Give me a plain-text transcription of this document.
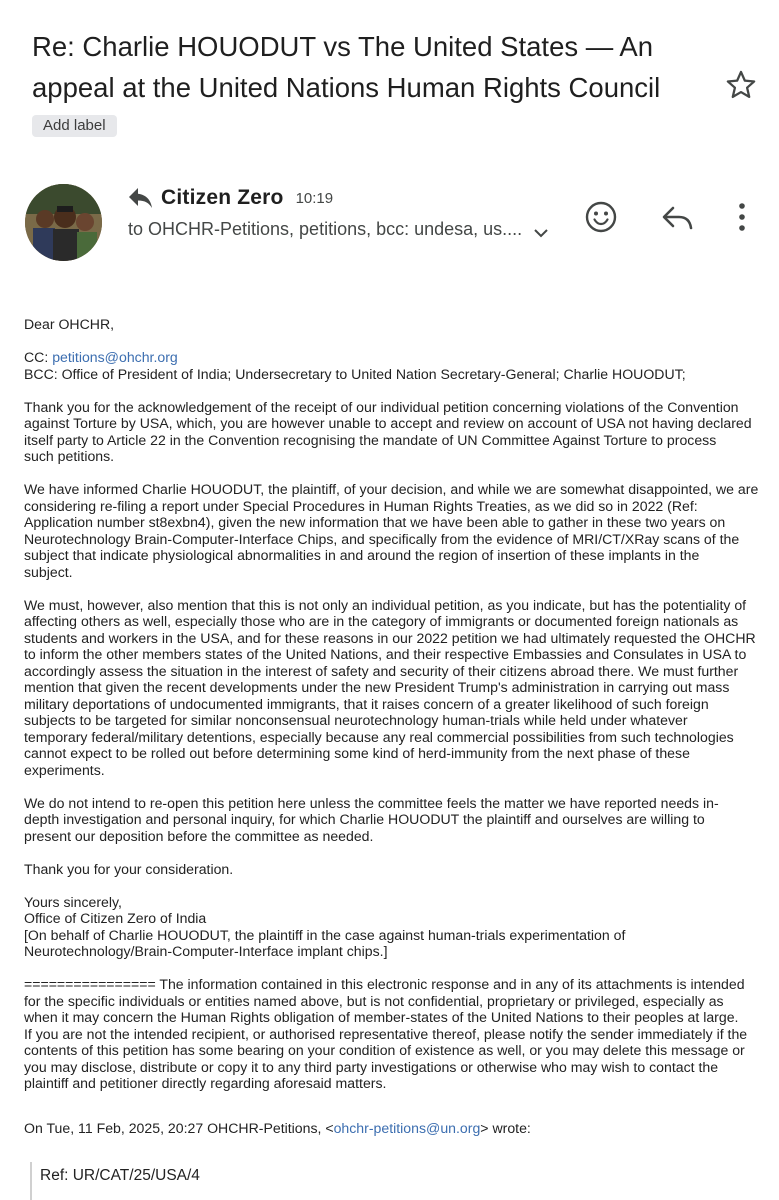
Re: Charlie HOUODUT vs The United States — An appeal at the United Nations Human Rights Council
Add label
Citizen Zero 10:19
to OHCHR-Petitions, petitions, bcc: undesa, us....

Dear OHCHR,

CC: petitions@ohchr.org
BCC: Office of President of India; Undersecretary to United Nation Secretary-General; Charlie HOUODUT;

Thank you for the acknowledgement of the receipt of our individual petition concerning violations of the Convention
against Torture by USA, which, you are however unable to accept and review on account of USA not having declared
itself party to Article 22 in the Convention recognising the mandate of UN Committee Against Torture to process
such petitions.

We have informed Charlie HOUODUT, the plaintiff, of your decision, and while we are somewhat disappointed, we are
considering re-filing a report under Special Procedures in Human Rights Treaties, as we did so in 2022 (Ref:
Application number st8exbn4), given the new information that we have been able to gather in these two years on
Neurotechnology Brain-Computer-Interface Chips, and specifically from the evidence of MRI/CT/XRay scans of the
subject that indicate physiological abnormalities in and around the region of insertion of these implants in the
subject.

We must, however, also mention that this is not only an individual petition, as you indicate, but has the potentiality of
affecting others as well, especially those who are in the category of immigrants or documented foreign nationals as
students and workers in the USA, and for these reasons in our 2022 petition we had ultimately requested the OHCHR
to inform the other members states of the United Nations, and their respective Embassies and Consulates in USA to
accordingly assess the situation in the interest of safety and security of their citizens abroad there. We must further
mention that given the recent developments under the new President Trump's administration in carrying out mass
military deportations of undocumented immigrants, that it raises concern of a greater likelihood of such foreign
subjects to be targeted for similar nonconsensual neurotechnology human-trials while held under whatever
temporary federal/military detentions, especially because any real commercial possibilities from such technologies
cannot expect to be rolled out before determining some kind of herd-immunity from the next phase of these
experiments.

We do not intend to re-open this petition here unless the committee feels the matter we have reported needs in-
depth investigation and personal inquiry, for which Charlie HOUODUT the plaintiff and ourselves are willing to
present our deposition before the committee as needed.

Thank you for your consideration.

Yours sincerely,
Office of Citizen Zero of India
[On behalf of Charlie HOUODUT, the plaintiff in the case against human-trials experimentation of
Neurotechnology/Brain-Computer-Interface implant chips.]

================ The information contained in this electronic response and in any of its attachments is intended
for the specific individuals or entities named above, but is not confidential, proprietary or privileged, especially as
when it may concern the Human Rights obligation of member-states of the United Nations to their peoples at large.
If you are not the intended recipient, or authorised representative thereof, please notify the sender immediately if the
contents of this petition has some bearing on your condition of existence as well, or you may delete this message or
you may disclose, distribute or copy it to any third party investigations or otherwise who may wish to contact the
plaintiff and petitioner directly regarding aforesaid matters.

On Tue, 11 Feb, 2025, 20:27 OHCHR-Petitions, <ohchr-petitions@un.org> wrote:

Ref: UR/CAT/25/USA/4
